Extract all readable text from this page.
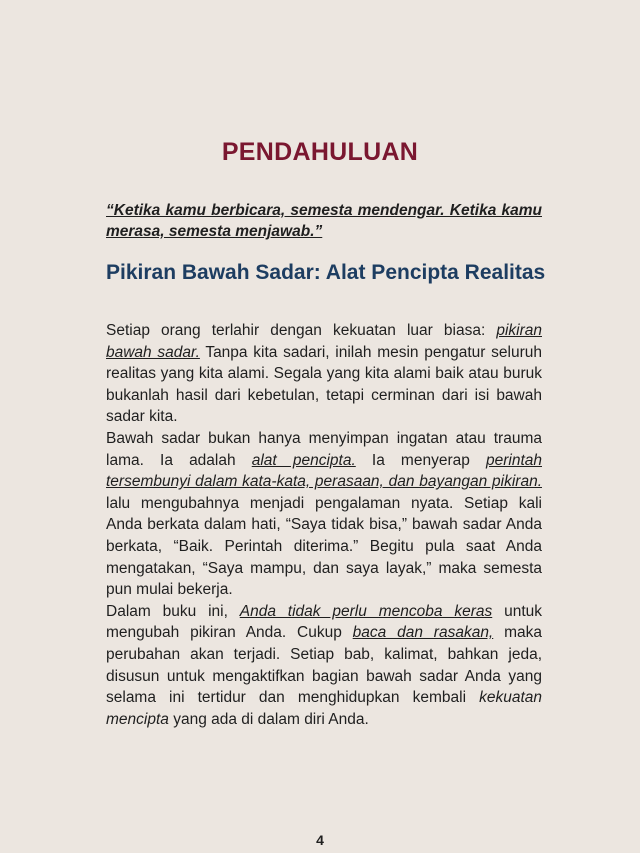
PENDAHULUAN
“Ketika kamu berbicara, semesta mendengar. Ketika kamu merasa, semesta menjawab.”
Pikiran Bawah Sadar: Alat Pencipta Realitas

Setiap orang terlahir dengan kekuatan luar biasa: pikiran bawah sadar. Tanpa kita sadari, inilah mesin pengatur seluruh realitas yang kita alami. Segala yang kita alami baik atau buruk bukanlah hasil dari kebetulan, tetapi cerminan dari isi bawah sadar kita.

Bawah sadar bukan hanya menyimpan ingatan atau trauma lama. Ia adalah alat pencipta. Ia menyerap perintah tersembunyi dalam kata-kata, perasaan, dan bayangan pikiran. lalu mengubahnya menjadi pengalaman nyata. Setiap kali Anda berkata dalam hati, “Saya tidak bisa,” bawah sadar Anda berkata, “Baik. Perintah diterima.” Begitu pula saat Anda mengatakan, “Saya mampu, dan saya layak,” maka semesta pun mulai bekerja.

Dalam buku ini, Anda tidak perlu mencoba keras untuk mengubah pikiran Anda. Cukup baca dan rasakan, maka perubahan akan terjadi. Setiap bab, kalimat, bahkan jeda, disusun untuk mengaktifkan bagian bawah sadar Anda yang selama ini tertidur dan menghidupkan kembali kekuatan mencipta yang ada di dalam diri Anda.

4
